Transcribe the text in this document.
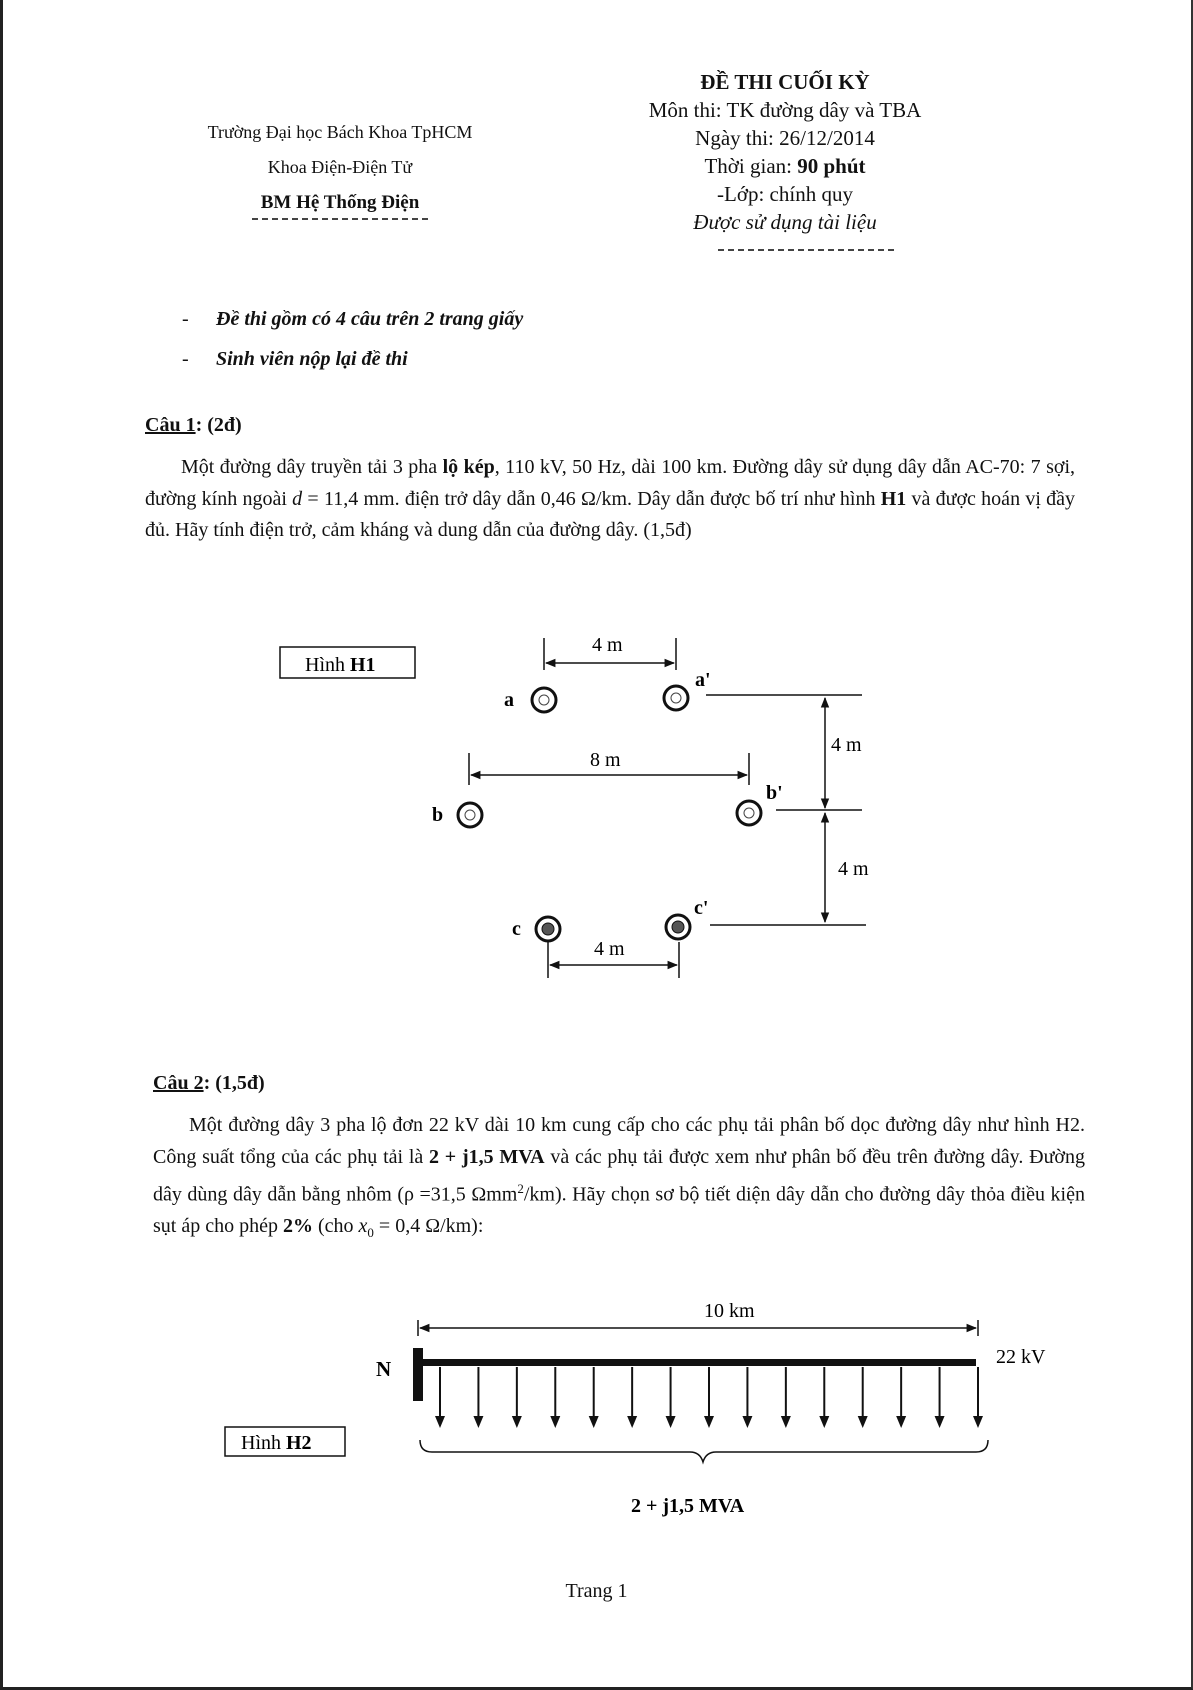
Trường Đại học Bách Khoa TpHCM
Khoa Điện-Điện Tử
BM Hệ Thống Điện
ĐỀ THI CUỐI KỲ
Môn thi: TK đường dây và TBA
Ngày thi: 26/12/2014
Thời gian: 90 phút
-Lớp: chính quy
Được sử dụng tài liệu
- Đề thi gồm có 4 câu trên 2 trang giấy
- Sinh viên nộp lại đề thi
Câu 1: (2đ)
Một đường dây truyền tải 3 pha lộ kép, 110 kV, 50 Hz, dài 100 km. Đường dây sử dụng dây dẫn AC-70: 7 sợi, đường kính ngoài d = 11,4 mm. điện trở dây dẫn 0,46 Ω/km. Dây dẫn được bố trí như hình H1 và được hoán vị đầy đủ. Hãy tính điện trở, cảm kháng và dung dẫn của đường dây. (1,5đ)
Hình H1
4 m
a
a'
8 m
b
b'
4 m
4 m
c
c'
4 m
Câu 2: (1,5đ)
Một đường dây 3 pha lộ đơn 22 kV dài 10 km cung cấp cho các phụ tải phân bố dọc đường dây như hình H2. Công suất tổng của các phụ tải là 2 + j1,5 MVA và các phụ tải được xem như phân bố đều trên đường dây. Đường dây dùng dây dẫn bằng nhôm (ρ =31,5 Ωmm$^2$/km). Hãy chọn sơ bộ tiết diện dây dẫn cho đường dây thỏa điều kiện sụt áp cho phép 2% (cho $x_0 = 0,4$ Ω/km):
10 km
N	22 kV
Hình H2
2 + j1,5 MVA
Trang 1
